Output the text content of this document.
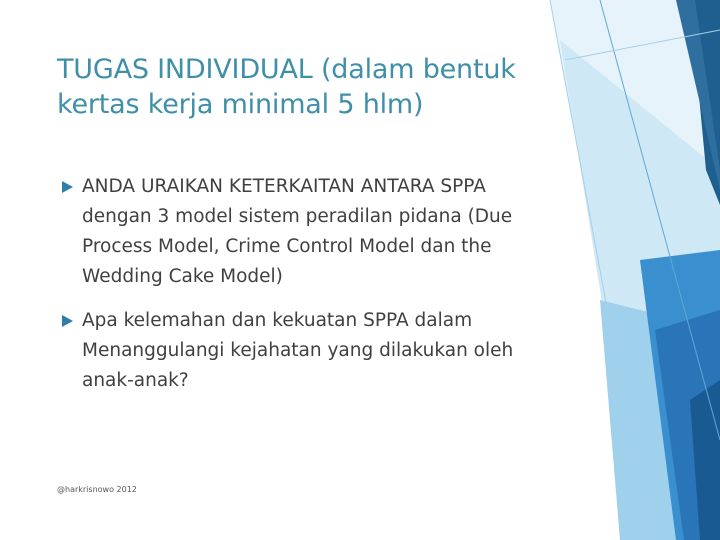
TUGAS INDIVIDUAL (dalam bentuk kertas kerja minimal 5 hlm)
ANDA URAIKAN KETERKAITAN ANTARA SPPA dengan 3 model sistem peradilan pidana (Due Process Model, Crime Control Model dan the Wedding Cake Model)
Apa kelemahan dan kekuatan SPPA dalam Menanggulangi kejahatan yang dilakukan oleh anak-anak?
@harkrisnowo 2012
